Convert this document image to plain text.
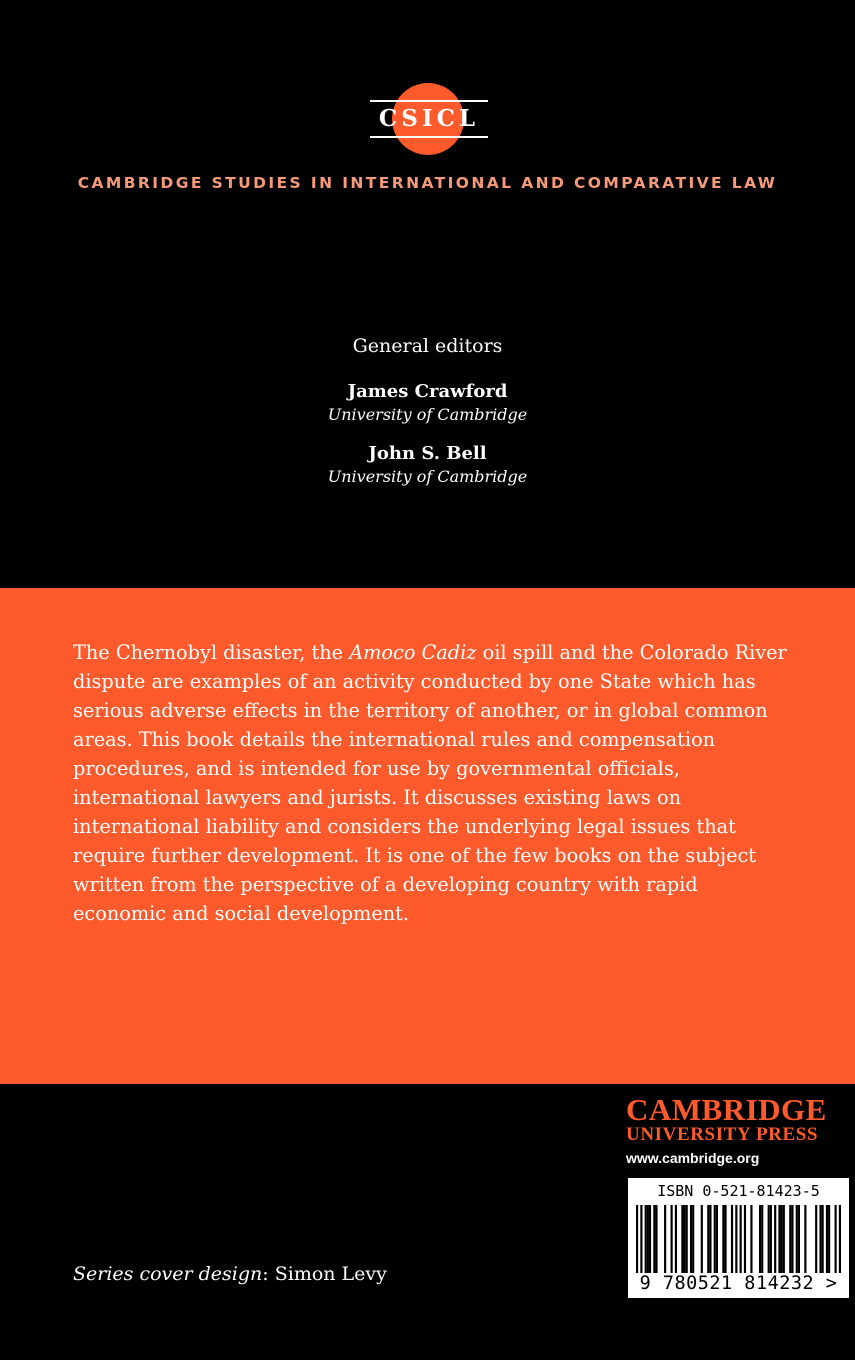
CSICL
CAMBRIDGE STUDIES IN INTERNATIONAL AND COMPARATIVE LAW
General editors
James Crawford
University of Cambridge
John S. Bell
University of Cambridge

The Chernobyl disaster, the Amoco Cadiz oil spill and the Colorado River dispute are examples of an activity conducted by one State which has serious adverse effects in the territory of another, or in global common areas. This book details the international rules and compensation procedures, and is intended for use by governmental officials, international lawyers and jurists. It discusses existing laws on international liability and considers the underlying legal issues that require further development. It is one of the few books on the subject written from the perspective of a developing country with rapid economic and social development.

CAMBRIDGE
UNIVERSITY PRESS
www.cambridge.org
ISBN 0-521-81423-5
9 780521 814232 >
Series cover design: Simon Levy
